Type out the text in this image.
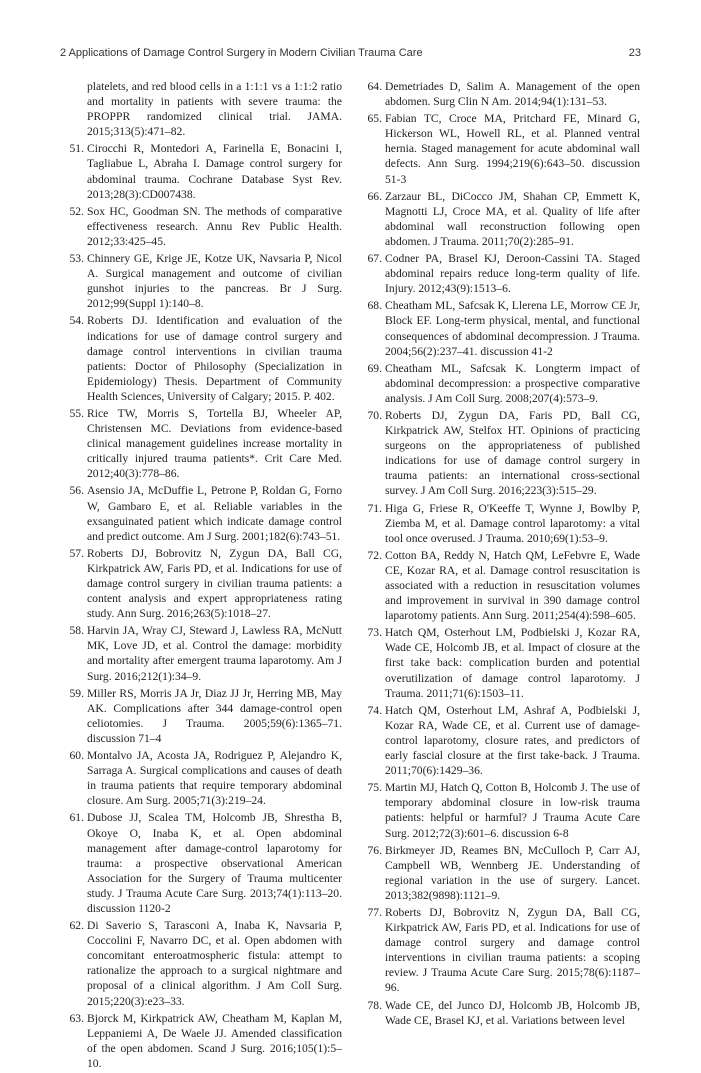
2 Applications of Damage Control Surgery in Modern Civilian Trauma Care	23
platelets, and red blood cells in a 1:1:1 vs a 1:1:2 ratio and mortality in patients with severe trauma: the PROPPR randomized clinical trial. JAMA. 2015;313(5):471–82.
51. Cirocchi R, Montedori A, Farinella E, Bonacini I, Tagliabue L, Abraha I. Damage control surgery for abdominal trauma. Cochrane Database Syst Rev. 2013;28(3):CD007438.
52. Sox HC, Goodman SN. The methods of comparative effectiveness research. Annu Rev Public Health. 2012;33:425–45.
53. Chinnery GE, Krige JE, Kotze UK, Navsaria P, Nicol A. Surgical management and outcome of civilian gunshot injuries to the pancreas. Br J Surg. 2012;99(Suppl 1):140–8.
54. Roberts DJ. Identification and evaluation of the indications for use of damage control surgery and damage control interventions in civilian trauma patients: Doctor of Philosophy (Specialization in Epidemiology) Thesis. Department of Community Health Sciences, University of Calgary; 2015. P. 402.
55. Rice TW, Morris S, Tortella BJ, Wheeler AP, Christensen MC. Deviations from evidence-based clinical management guidelines increase mortality in critically injured trauma patients*. Crit Care Med. 2012;40(3):778–86.
56. Asensio JA, McDuffie L, Petrone P, Roldan G, Forno W, Gambaro E, et al. Reliable variables in the exsanguinated patient which indicate damage control and predict outcome. Am J Surg. 2001;182(6):743–51.
57. Roberts DJ, Bobrovitz N, Zygun DA, Ball CG, Kirkpatrick AW, Faris PD, et al. Indications for use of damage control surgery in civilian trauma patients: a content analysis and expert appropriateness rating study. Ann Surg. 2016;263(5):1018–27.
58. Harvin JA, Wray CJ, Steward J, Lawless RA, McNutt MK, Love JD, et al. Control the damage: morbidity and mortality after emergent trauma laparotomy. Am J Surg. 2016;212(1):34–9.
59. Miller RS, Morris JA Jr, Diaz JJ Jr, Herring MB, May AK. Complications after 344 damage-control open celiotomies. J Trauma. 2005;59(6):1365–71. discussion 71–4
60. Montalvo JA, Acosta JA, Rodriguez P, Alejandro K, Sarraga A. Surgical complications and causes of death in trauma patients that require temporary abdominal closure. Am Surg. 2005;71(3):219–24.
61. Dubose JJ, Scalea TM, Holcomb JB, Shrestha B, Okoye O, Inaba K, et al. Open abdominal management after damage-control laparotomy for trauma: a prospective observational American Association for the Surgery of Trauma multicenter study. J Trauma Acute Care Surg. 2013;74(1):113–20. discussion 1120-2
62. Di Saverio S, Tarasconi A, Inaba K, Navsaria P, Coccolini F, Navarro DC, et al. Open abdomen with concomitant enteroatmospheric fistula: attempt to rationalize the approach to a surgical nightmare and proposal of a clinical algorithm. J Am Coll Surg. 2015;220(3):e23–33.
63. Bjorck M, Kirkpatrick AW, Cheatham M, Kaplan M, Leppaniemi A, De Waele JJ. Amended classification of the open abdomen. Scand J Surg. 2016;105(1):5–10.
64. Demetriades D, Salim A. Management of the open abdomen. Surg Clin N Am. 2014;94(1):131–53.
65. Fabian TC, Croce MA, Pritchard FE, Minard G, Hickerson WL, Howell RL, et al. Planned ventral hernia. Staged management for acute abdominal wall defects. Ann Surg. 1994;219(6):643–50. discussion 51-3
66. Zarzaur BL, DiCocco JM, Shahan CP, Emmett K, Magnotti LJ, Croce MA, et al. Quality of life after abdominal wall reconstruction following open abdomen. J Trauma. 2011;70(2):285–91.
67. Codner PA, Brasel KJ, Deroon-Cassini TA. Staged abdominal repairs reduce long-term quality of life. Injury. 2012;43(9):1513–6.
68. Cheatham ML, Safcsak K, Llerena LE, Morrow CE Jr, Block EF. Long-term physical, mental, and functional consequences of abdominal decompression. J Trauma. 2004;56(2):237–41. discussion 41-2
69. Cheatham ML, Safcsak K. Longterm impact of abdominal decompression: a prospective comparative analysis. J Am Coll Surg. 2008;207(4):573–9.
70. Roberts DJ, Zygun DA, Faris PD, Ball CG, Kirkpatrick AW, Stelfox HT. Opinions of practicing surgeons on the appropriateness of published indications for use of damage control surgery in trauma patients: an international cross-sectional survey. J Am Coll Surg. 2016;223(3):515–29.
71. Higa G, Friese R, O'Keeffe T, Wynne J, Bowlby P, Ziemba M, et al. Damage control laparotomy: a vital tool once overused. J Trauma. 2010;69(1):53–9.
72. Cotton BA, Reddy N, Hatch QM, LeFebvre E, Wade CE, Kozar RA, et al. Damage control resuscitation is associated with a reduction in resuscitation volumes and improvement in survival in 390 damage control laparotomy patients. Ann Surg. 2011;254(4):598–605.
73. Hatch QM, Osterhout LM, Podbielski J, Kozar RA, Wade CE, Holcomb JB, et al. Impact of closure at the first take back: complication burden and potential overutilization of damage control laparotomy. J Trauma. 2011;71(6):1503–11.
74. Hatch QM, Osterhout LM, Ashraf A, Podbielski J, Kozar RA, Wade CE, et al. Current use of damage-control laparotomy, closure rates, and predictors of early fascial closure at the first take-back. J Trauma. 2011;70(6):1429–36.
75. Martin MJ, Hatch Q, Cotton B, Holcomb J. The use of temporary abdominal closure in low-risk trauma patients: helpful or harmful? J Trauma Acute Care Surg. 2012;72(3):601–6. discussion 6-8
76. Birkmeyer JD, Reames BN, McCulloch P, Carr AJ, Campbell WB, Wennberg JE. Understanding of regional variation in the use of surgery. Lancet. 2013;382(9898):1121–9.
77. Roberts DJ, Bobrovitz N, Zygun DA, Ball CG, Kirkpatrick AW, Faris PD, et al. Indications for use of damage control surgery and damage control interventions in civilian trauma patients: a scoping review. J Trauma Acute Care Surg. 2015;78(6):1187–96.
78. Wade CE, del Junco DJ, Holcomb JB, Holcomb JB, Wade CE, Brasel KJ, et al. Variations between level
